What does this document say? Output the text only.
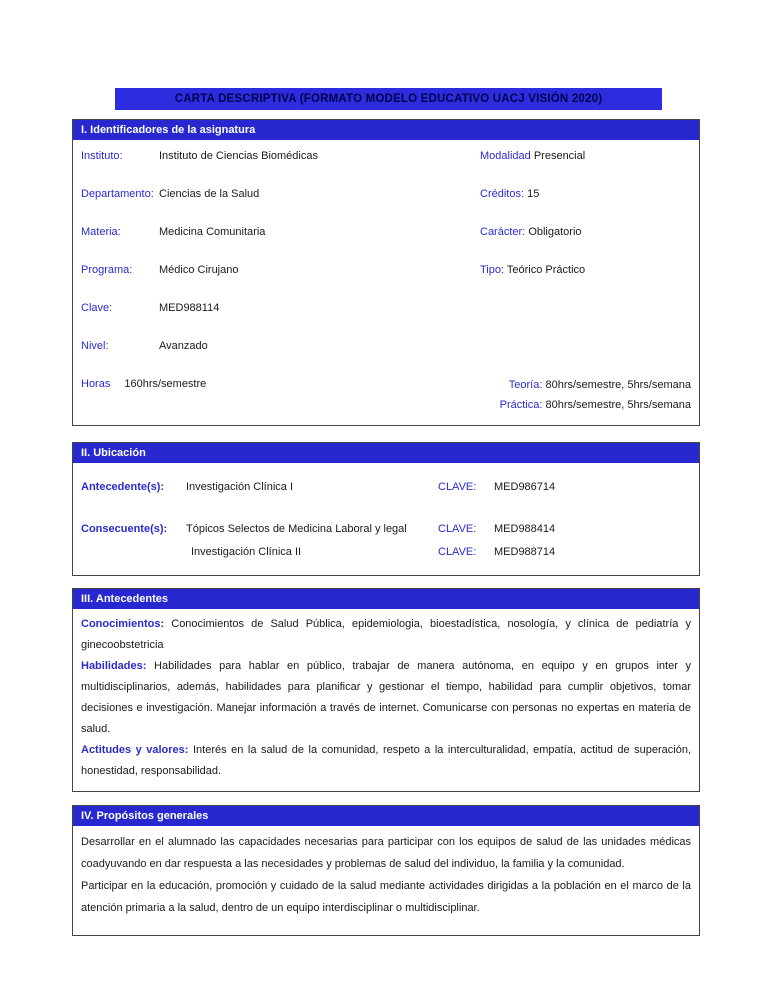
CARTA DESCRIPTIVA (FORMATO MODELO EDUCATIVO UACJ VISIÓN 2020)
I. Identificadores de la asignatura
Instituto:	Instituto de Ciencias Biomédicas	Modalidad Presencial
Departamento: Ciencias de la Salud	Créditos: 15
Materia:	Medicina Comunitaria	Carácter: Obligatorio
Programa: Médico Cirujano	Tipo: Teórico Práctico
Clave:	MED988114
Nivel:	Avanzado
Horas 160hrs/semestre	Teoría: 80hrs/semestre, 5hrs/semana
Práctica: 80hrs/semestre, 5hrs/semana
II. Ubicación
Antecedente(s): Investigación Clínica I	CLAVE: MED986714
Consecuente(s): Tópicos Selectos de Medicina Laboral y legal	CLAVE: MED988414
Investigación Clínica II	CLAVE: MED988714
III. Antecedentes

Conocimientos: Conocimientos de Salud Pública, epidemiologia, bioestadística, nosología, y clínica de pediatría y ginecoobstetricia

Habilidades: Habilidades para hablar en público, trabajar de manera autónoma, en equipo y en grupos inter y multidisciplinarios, además, habilidades para planificar y gestionar el tiempo, habilidad para cumplir objetivos, tomar decisiones e investigación. Manejar información a través de internet. Comunicarse con personas no expertas en materia de salud.

Actitudes y valores: Interés en la salud de la comunidad, respeto a la interculturalidad, empatía, actitud de superación, honestidad, responsabilidad.

IV. Propósitos generales

Desarrollar en el alumnado las capacidades necesarias para participar con los equipos de salud de las unidades médicas coadyuvando en dar respuesta a las necesidades y problemas de salud del individuo, la familia y la comunidad.

Participar en la educación, promoción y cuidado de la salud mediante actividades dirigidas a la población en el marco de la atención primaria a la salud, dentro de un equipo interdisciplinar o multidisciplinar.
